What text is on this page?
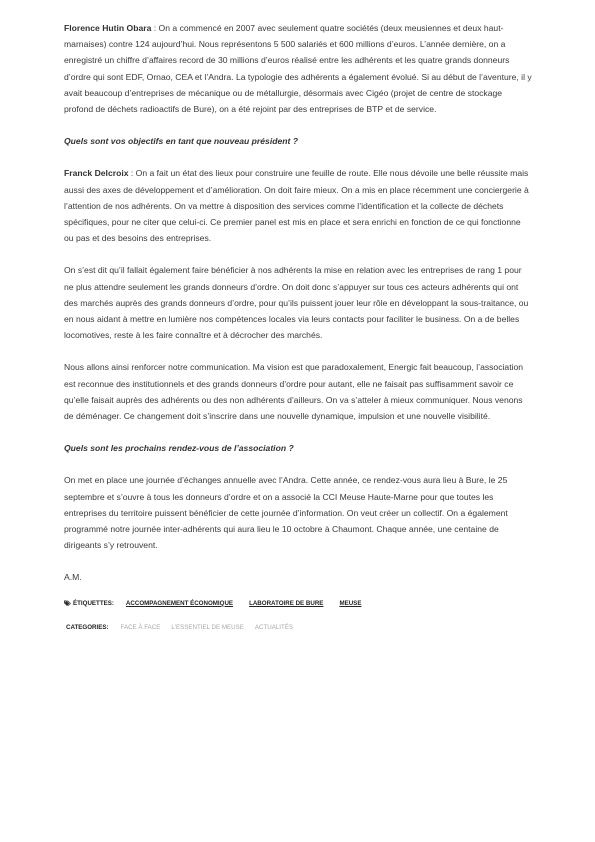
Florence Hutin Obara : On a commencé en 2007 avec seulement quatre sociétés (deux meusiennes et deux haut-marnaises) contre 124 aujourd’hui. Nous représentons 5 500 salariés et 600 millions d’euros. L’année dernière, on a enregistré un chiffre d’affaires record de 30 millions d’euros réalisé entre les adhérents et les quatre grands donneurs d’ordre qui sont EDF, Ornao, CEA et l’Andra. La typologie des adhérents a également évolué. Si au début de l’aventure, il y avait beaucoup d’entreprises de mécanique ou de métallurgie, désormais avec Cigéo (projet de centre de stockage profond de déchets radioactifs de Bure), on a été rejoint par des entreprises de BTP et de service.

Quels sont vos objectifs en tant que nouveau président ?

Franck Delcroix : On a fait un état des lieux pour construire une feuille de route. Elle nous dévoile une belle réussite mais aussi des axes de développement et d’amélioration. On doit faire mieux. On a mis en place récemment une conciergerie à l’attention de nos adhérents. On va mettre à disposition des services comme l’identification et la collecte de déchets spécifiques, pour ne citer que celui-ci. Ce premier panel est mis en place et sera enrichi en fonction de ce qui fonctionne ou pas et des besoins des entreprises.

On s’est dit qu’il fallait également faire bénéficier à nos adhérents la mise en relation avec les entreprises de rang 1 pour ne plus attendre seulement les grands donneurs d’ordre. On doit donc s’appuyer sur tous ces acteurs adhérents qui ont des marchés auprès des grands donneurs d’ordre, pour qu’ils puissent jouer leur rôle en développant la sous-traitance, ou en nous aidant à mettre en lumière nos compétences locales via leurs contacts pour faciliter le business. On a de belles locomotives, reste à les faire connaître et à décrocher des marchés.

Nous allons ainsi renforcer notre communication. Ma vision est que paradoxalement, Energic fait beaucoup, l’association est reconnue des institutionnels et des grands donneurs d’ordre pour autant, elle ne faisait pas suffisamment savoir ce qu’elle faisait auprès des adhérents ou des non adhérents d’ailleurs. On va s’atteler à mieux communiquer. Nous venons de déménager. Ce changement doit s’inscrire dans une nouvelle dynamique, impulsion et une nouvelle visibilité.

Quels sont les prochains rendez-vous de l’association ?

On met en place une journée d’échanges annuelle avec l’Andra. Cette année, ce rendez-vous aura lieu à Bure, le 25 septembre et s’ouvre à tous les donneurs d’ordre et on a associé la CCI Meuse Haute-Marne pour que toutes les entreprises du territoire puissent bénéficier de cette journée d’information. On veut créer un collectif. On a également programmé notre journée inter-adhérents qui aura lieu le 10 octobre à Chaumont. Chaque année, une centaine de dirigeants s’y retrouvent.

A.M.

ÉTIQUETTES: ACCOMPAGNEMENT ÉCONOMIQUE	LABORATOIRE DE BURE	MEUSE
CATEGORIES: FACE À FACE L'ESSENTIEL DE MEUSE ACTUALITÉS
